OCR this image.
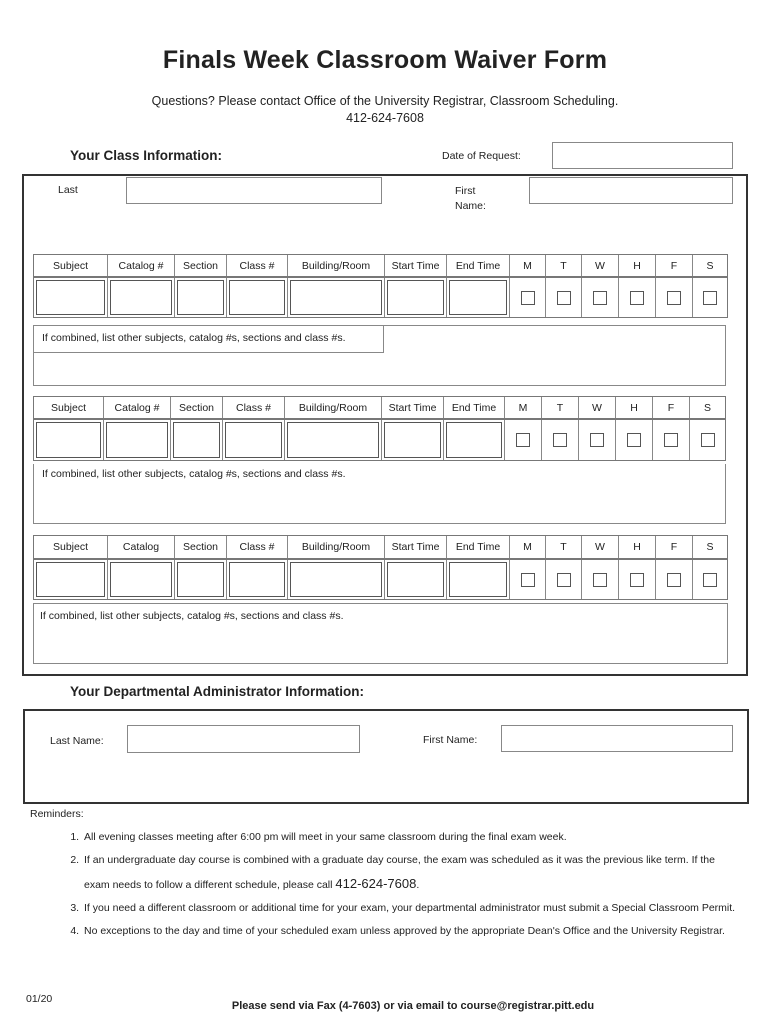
Finals Week Classroom Waiver Form
Questions? Please contact Office of the University Registrar, Classroom Scheduling.
412-624-7608
Your Class Information:	Date of Request:
Last	First
Name:
Subject	Catalog #	Section	Class #	Building/Room	Start Time	End Time	M	T	W	H	F	S
If combined, list other subjects, catalog #s, sections and class #s.
Subject	Catalog #	Section	Class #	Building/Room	Start Time	End Time	M	T	W	H	F	S
If combined, list other subjects, catalog #s, sections and class #s.
Subject	Catalog	Section	Class #	Building/Room	Start Time	End Time	M	T	W	H	F	S
If combined, list other subjects, catalog #s, sections and class #s.
Your Departmental Administrator Information:
Last Name:	First Name:
Reminders:
1. All evening classes meeting after 6:00 pm will meet in your same classroom during the final exam week.
2. If an undergraduate day course is combined with a graduate day course, the exam was scheduled as it was the previous like term. If the exam needs to follow a different schedule, please call 412-624-7608.
3. If you need a different classroom or additional time for your exam, your departmental administrator must submit a Special Classroom Permit.
4. No exceptions to the day and time of your scheduled exam unless approved by the appropriate Dean's Office and the University Registrar.
01/20
Please send via Fax (4-7603) or via email to course@registrar.pitt.edu
